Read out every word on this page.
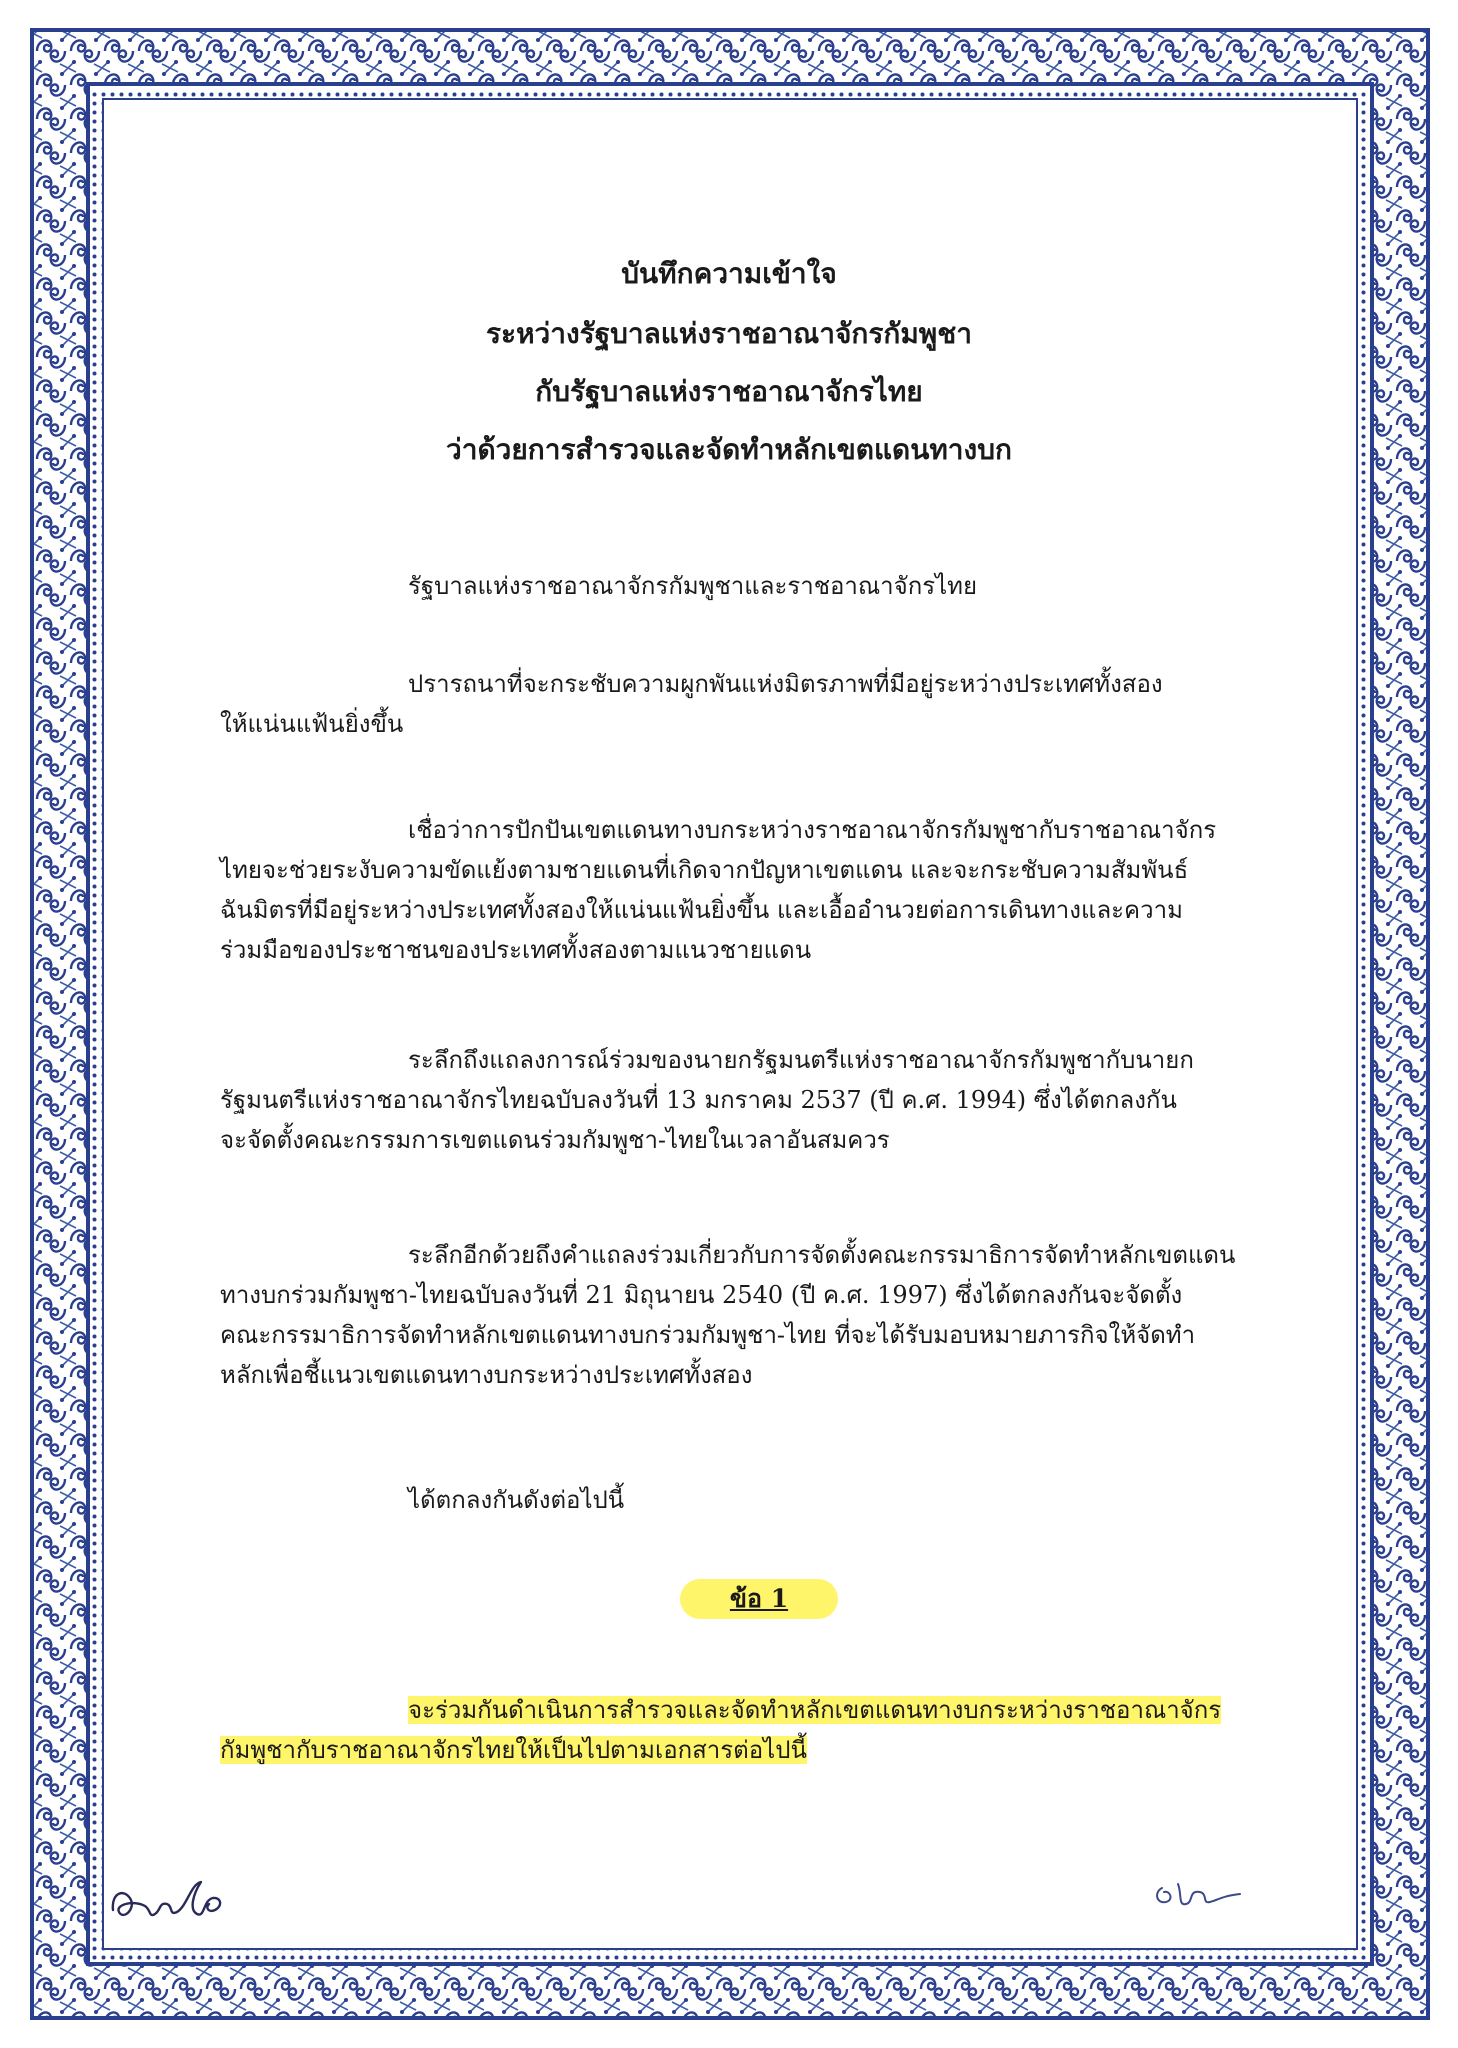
บันทึกความเข้าใจ
ระหว่างรัฐบาลแห่งราชอาณาจักรกัมพูชา
กับรัฐบาลแห่งราชอาณาจักรไทย
ว่าด้วยการสำรวจและจัดทำหลักเขตแดนทางบก
รัฐบาลแห่งราชอาณาจักรกัมพูชาและราชอาณาจักรไทย
ปรารถนาที่จะกระชับความผูกพันแห่งมิตรภาพที่มีอยู่ระหว่างประเทศทั้งสอง
ให้แน่นแฟ้นยิ่งขึ้น
เชื่อว่าการปักปันเขตแดนทางบกระหว่างราชอาณาจักรกัมพูชากับราชอาณาจักร
ไทยจะช่วยระงับความขัดแย้งตามชายแดนที่เกิดจากปัญหาเขตแดน และจะกระชับความสัมพันธ์
ฉันมิตรที่มีอยู่ระหว่างประเทศทั้งสองให้แน่นแฟ้นยิ่งขึ้น และเอื้ออำนวยต่อการเดินทางและความ
ร่วมมือของประชาชนของประเทศทั้งสองตามแนวชายแดน
ระลึกถึงแถลงการณ์ร่วมของนายกรัฐมนตรีแห่งราชอาณาจักรกัมพูชากับนายก
รัฐมนตรีแห่งราชอาณาจักรไทยฉบับลงวันที่ 13 มกราคม 2537 (ปี ค.ศ. 1994) ซึ่งได้ตกลงกัน
จะจัดตั้งคณะกรรมการเขตแดนร่วมกัมพูชา-ไทยในเวลาอันสมควร
ระลึกอีกด้วยถึงคำแถลงร่วมเกี่ยวกับการจัดตั้งคณะกรรมาธิการจัดทำหลักเขตแดน
ทางบกร่วมกัมพูชา-ไทยฉบับลงวันที่ 21 มิถุนายน 2540 (ปี ค.ศ. 1997) ซึ่งได้ตกลงกันจะจัดตั้ง
คณะกรรมาธิการจัดทำหลักเขตแดนทางบกร่วมกัมพูชา-ไทย ที่จะได้รับมอบหมายภารกิจให้จัดทำ
หลักเพื่อชี้แนวเขตแดนทางบกระหว่างประเทศทั้งสอง
ได้ตกลงกันดังต่อไปนี้
ข้อ 1
จะร่วมกันดำเนินการสำรวจและจัดทำหลักเขตแดนทางบกระหว่างราชอาณาจักร
กัมพูชากับราชอาณาจักรไทยให้เป็นไปตามเอกสารต่อไปนี้
